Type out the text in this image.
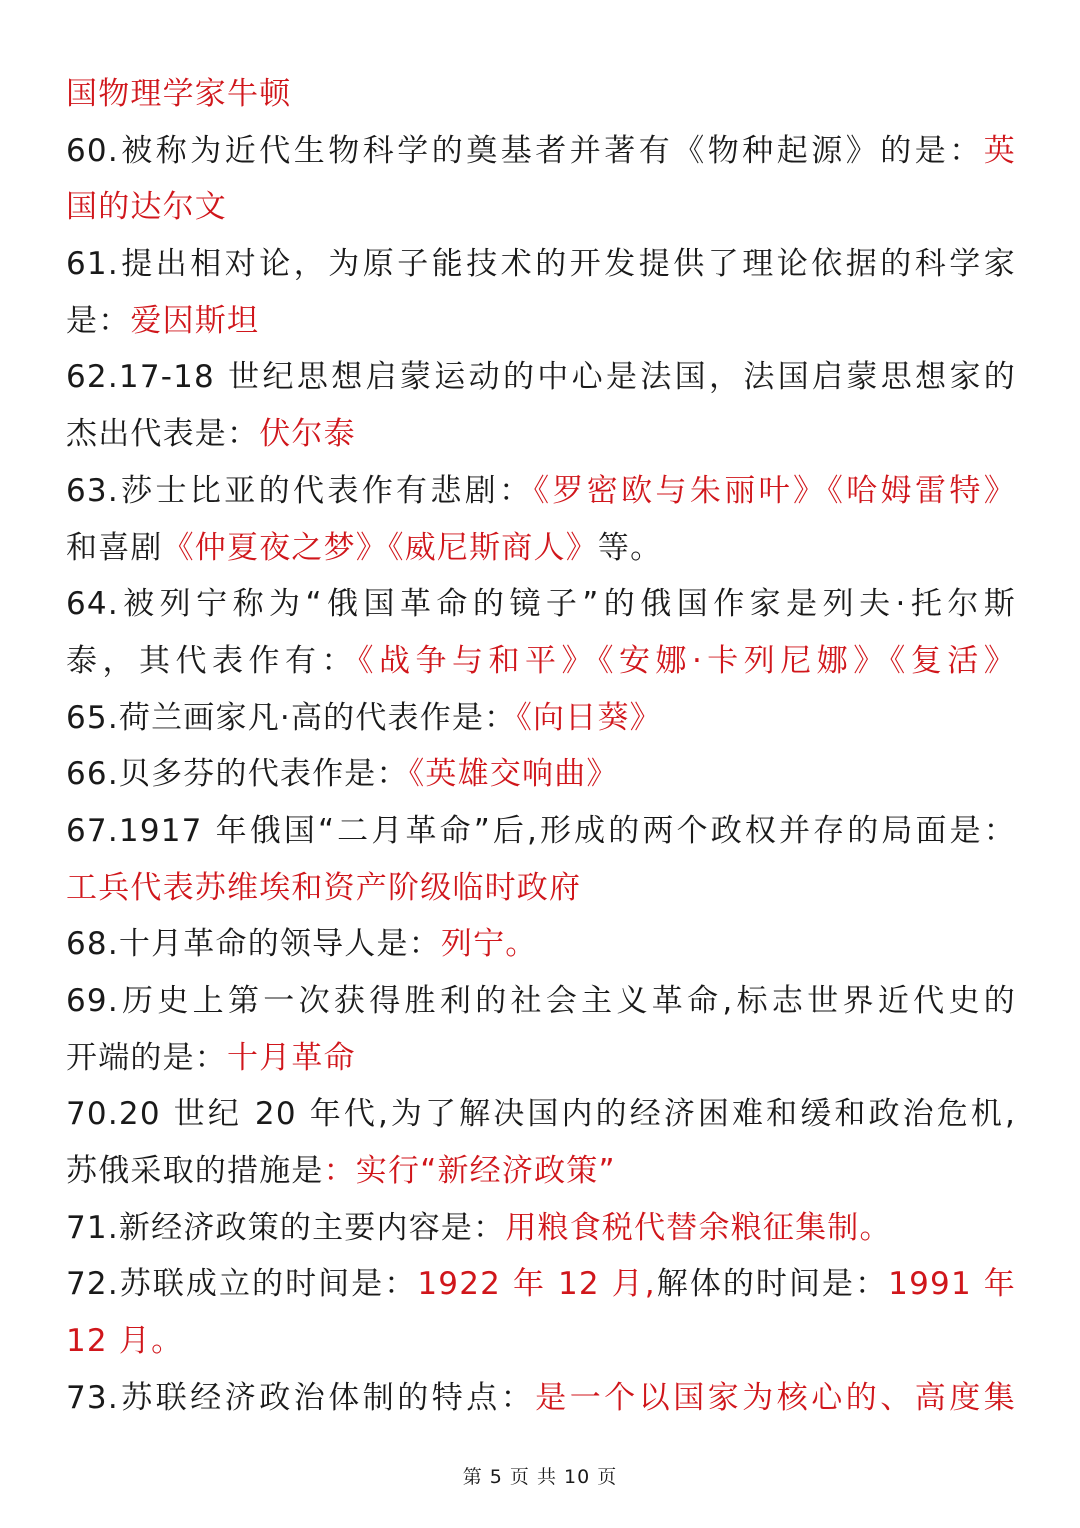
国物理学家牛顿
60.被称为近代生物科学的奠基者并著有《物种起源》的是：英
国的达尔文
61.提出相对论，为原子能技术的开发提供了理论依据的科学家
是：爱因斯坦
62.17-18 世纪思想启蒙运动的中心是法国，法国启蒙思想家的
杰出代表是：伏尔泰
63.莎士比亚的代表作有悲剧：《罗密欧与朱丽叶》《哈姆雷特》
和喜剧《仲夏夜之梦》《威尼斯商人》等。
64.被列宁称为“俄国革命的镜子”的俄国作家是列夫·托尔斯
泰，其代表作有：《战争与和平》《安娜·卡列尼娜》《复活》
65.荷兰画家凡·高的代表作是：《向日葵》
66.贝多芬的代表作是：《英雄交响曲》
67.1917 年俄国“二月革命”后,形成的两个政权并存的局面是：
工兵代表苏维埃和资产阶级临时政府
68.十月革命的领导人是：列宁。
69.历史上第一次获得胜利的社会主义革命,标志世界近代史的
开端的是：十月革命
70.20 世纪 20 年代,为了解决国内的经济困难和缓和政治危机,
苏俄采取的措施是：实行“新经济政策”
71.新经济政策的主要内容是：用粮食税代替余粮征集制。
72.苏联成立的时间是：1922 年 12 月,解体的时间是：1991 年
12 月。
73.苏联经济政治体制的特点：是一个以国家为核心的、高度集
第 5 页 共 10 页
